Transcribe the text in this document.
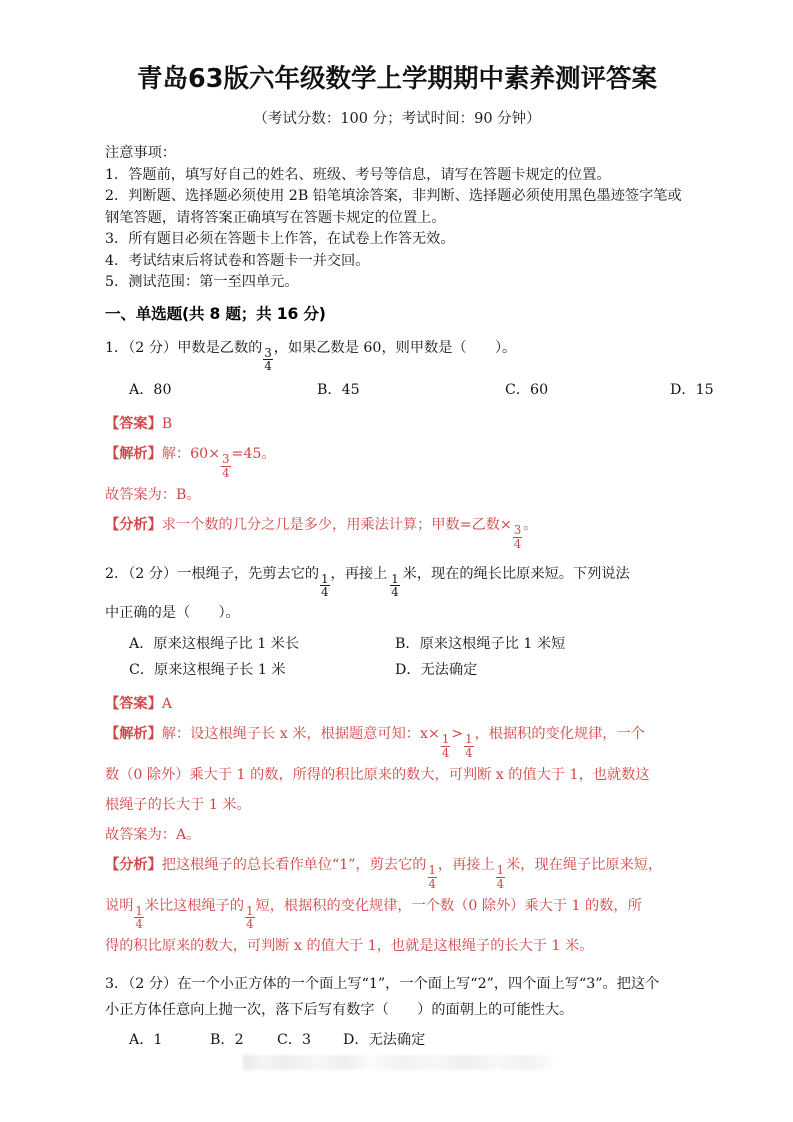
青岛63版六年级数学上学期期中素养测评答案
（考试分数：100 分；考试时间：90 分钟）
注意事项：
1．答题前，填写好自己的姓名、班级、考号等信息，请写在答题卡规定的位置。
2．判断题、选择题必须使用 2B 铅笔填涂答案，非判断、选择题必须使用黑色墨迹签字笔或钢笔答题，请将答案正确填写在答题卡规定的位置上。
3．所有题目必须在答题卡上作答，在试卷上作答无效。
4．考试结束后将试卷和答题卡一并交回。
5．测试范围：第一至四单元。
一、单选题(共 8 题；共 16 分)
1．（2 分）甲数是乙数的 $\frac{3}{4}$ ，如果乙数是 60，则甲数是（　　）。
A．80	B．45	C．60	D．15

【答案】B

【解析】解：$60\times \frac{3}{4} =45$。

故答案为：B。

【分析】求一个数的几分之几是多少，用乘法计算；甲数=乙数× $\frac{3}{4}$ 。

2．（2 分）一根绳子，先剪去它的 $\frac{1}{4}$ ，再接上 $\frac{1}{4}$ 米，现在的绳长比原来短。下列说法
中正确的是（　　）。
A．原来这根绳子比 1 米长	B．原来这根绳子比 1 米短
C．原来这根绳子长 1 米	D．无法确定

【答案】A

【解析】解：设这根绳子长 x 米，根据题意可知：$x\times \frac{1}{4} > \frac{1}{4}$ ，根据积的变化规律，一个

数（0 除外）乘大于 1 的数，所得的积比原来的数大，可判断 x 的值大于 1，也就数这

根绳子的长大于 1 米。

故答案为：A。

【分析】把这根绳子的总长看作单位“1”，剪去它的 $\frac{1}{4}$ ，再接上 $\frac{1}{4}$ 米，现在绳子比原来短，

说明 $\frac{1}{4}$ 米比这根绳子的 $\frac{1}{4}$ 短，根据积的变化规律，一个数（0 除外）乘大于 1 的数，所

得的积比原来的数大，可判断 x 的值大于 1，也就是这根绳子的长大于 1 米。

3．（2 分）在一个小正方体的一个面上写“1”，一个面上写“2”，四个面上写“3”。把这个
小正方体任意向上抛一次，落下后写有数字（　　）的面朝上的可能性大。
A．1	B．2 C．3 D．无法确定
